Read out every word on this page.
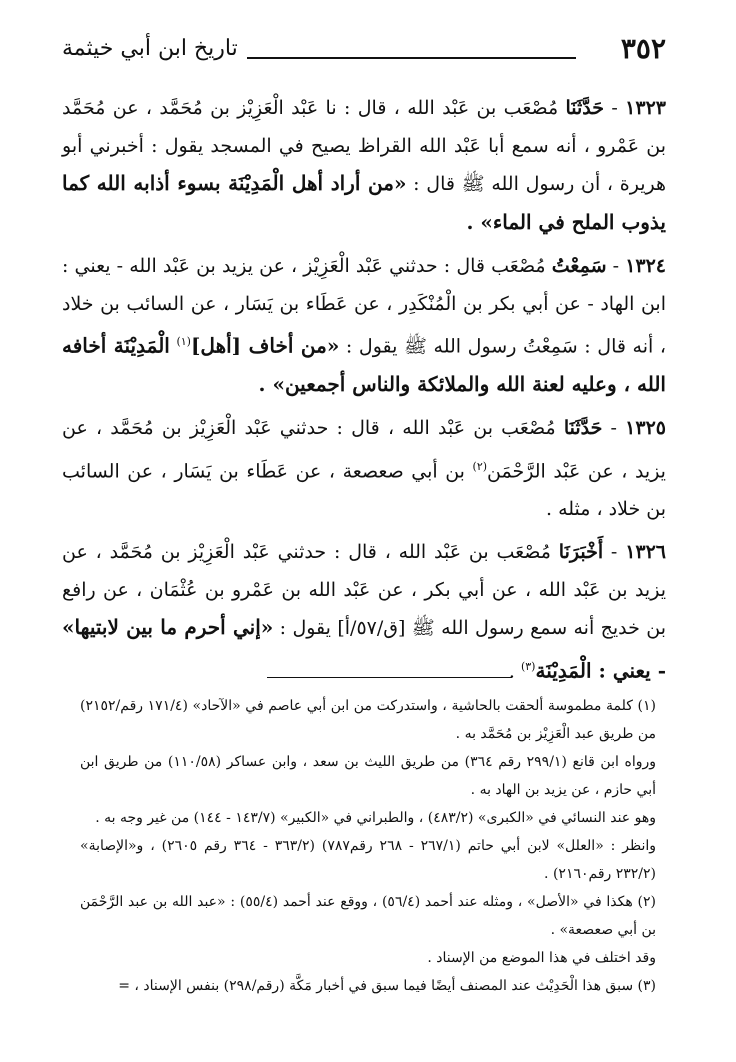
٣٥٢
تاريخ ابن أبي خيثمة

١٣٢٣ - حَدَّثَنَا مُصْعَب بن عَبْد الله ، قال : نا عَبْد الْعَزِيْز بن مُحَمَّد ، عن مُحَمَّد بن عَمْرو ، أنه سمع أبا عَبْد الله القراظ يصيح في المسجد يقول : أخبرني أبو هريرة ، أن رسول الله ﷺ قال : «من أراد أهل الْمَدِيْنَة بسوء أذابه الله كما يذوب الملح في الماء» .

١٣٢٤ - سَمِعْتُ مُصْعَب قال : حدثني عَبْد الْعَزِيْز ، عن يزيد بن عَبْد الله - يعني : ابن الهاد - عن أبي بكر بن الْمُنْكَدِر ، عن عَطَاء بن يَسَار ، عن السائب بن خلاد ، أنه قال : سَمِعْتُ رسول الله ﷺ يقول : «من أخاف [أهل]$^{(١)}$ الْمَدِيْنَة أخافه الله ، وعليه لعنة الله والملائكة والناس أجمعين» .

١٣٢٥ - حَدَّثَنَا مُصْعَب بن عَبْد الله ، قال : حدثني عَبْد الْعَزِيْز بن مُحَمَّد ، عن يزيد ، عن عَبْد الرَّحْمَن$^{(٢)}$ بن أبي صعصعة ، عن عَطَاء بن يَسَار ، عن السائب بن خلاد ، مثله .

١٣٢٦ - أَخْبَرَنَا مُصْعَب بن عَبْد الله ، قال : حدثني عَبْد الْعَزِيْز بن مُحَمَّد ، عن يزيد بن عَبْد الله ، عن أبي بكر ، عن عَبْد الله بن عَمْرو بن عُثْمَان ، عن رافع بن خديج أنه سمع رسول الله ﷺ [ق/٥٧/أ] يقول : «إني أحرم ما بين لابتيها» - يعني : الْمَدِيْنَة$^{(٣)}$ .

(١) كلمة مطموسة ألحقت بالحاشية ، واستدركت من ابن أبي عاصم في «الآحاد» (١٧١/٤ رقم/٢١٥٢) من طريق عبد الْعَزِيْز بن مُحَمَّد به .

ورواه ابن قانع (٢٩٩/١ رقم ٣٦٤) من طريق الليث بن سعد ، وابن عساكر (١١٠/٥٨) من طريق ابن أبي حازم ، عن يزيد بن الهاد به .

وهو عند النسائي في «الكبرى» (٤٨٣/٢) ، والطبراني في «الكبير» (١٤٣/٧ - ١٤٤) من غير وجه به .

وانظر : «العلل» لابن أبي حاتم (٢٦٧/١ - ٢٦٨ رقم٧٨٧) (٣٦٣/٢ - ٣٦٤ رقم ٢٦٠٥) ، و«الإصابة» (٢٣٢/٢ رقم٢١٦٠) .

(٢) هكذا في «الأصل» ، ومثله عند أحمد (٥٦/٤) ، ووقع عند أحمد (٥٥/٤) : «عبد الله بن عبد الرَّحْمَن بن أبي صعصعة» .

وقد اختلف في هذا الموضع من الإسناد .

(٣) سبق هذا الْحَدِيْث عند المصنف أيضًا فيما سبق في أخبار مَكَّة (رقم/٢٩٨) بنفس الإسناد ، =
